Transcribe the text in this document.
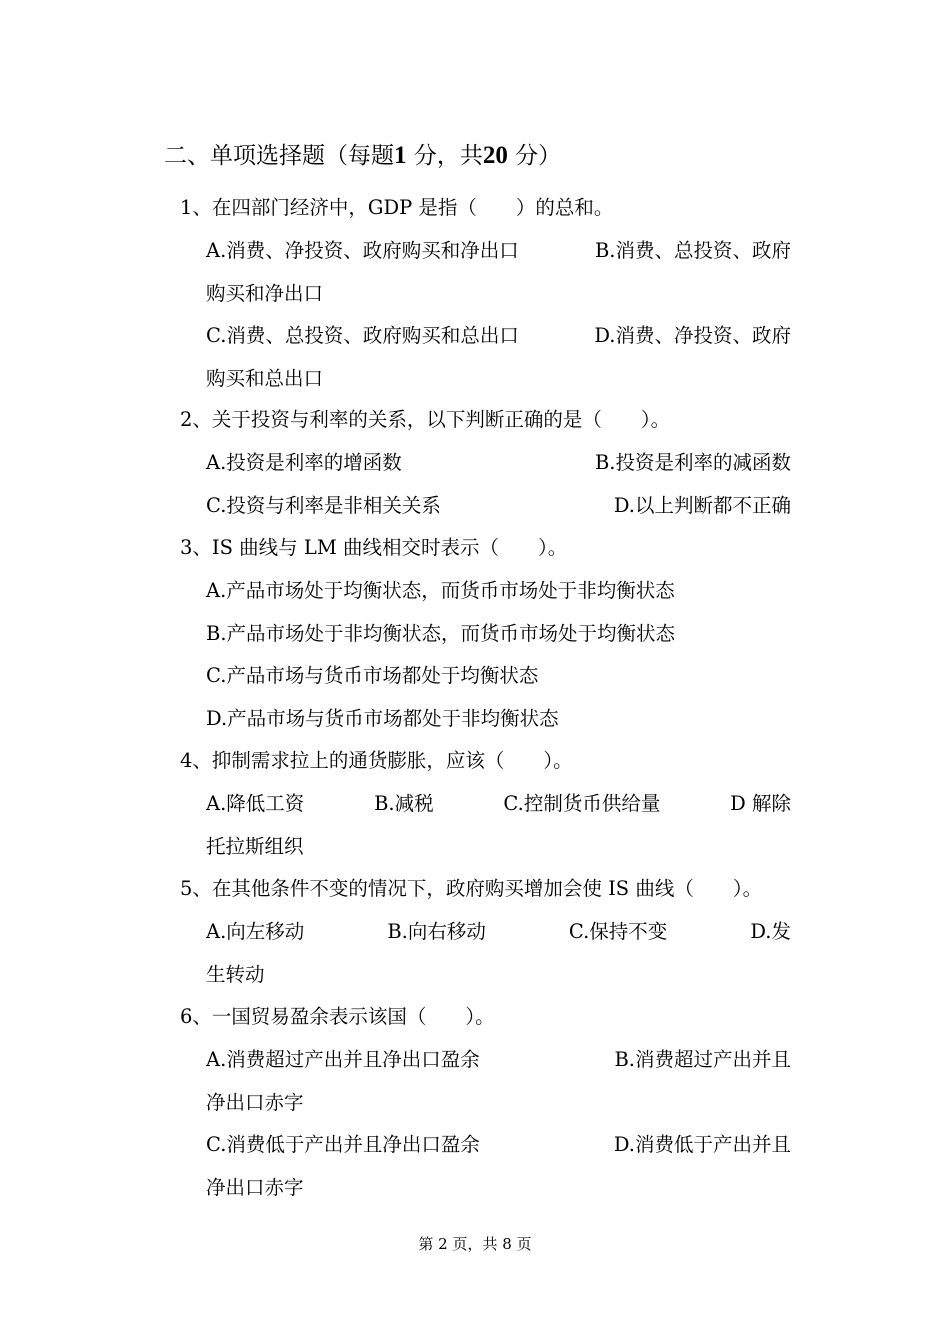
二、单项选择题（每题1 分，共20 分）
1、在四部门经济中，GDP 是指（　　）的总和。
A.消费、净投资、政府购买和净出口	B.消费、总投资、政府
购买和净出口
C.消费、总投资、政府购买和总出口	D.消费、净投资、政府
购买和总出口
2、关于投资与利率的关系，以下判断正确的是（　　）。
A.投资是利率的增函数	B.投资是利率的减函数
C.投资与利率是非相关关系	D.以上判断都不正确
3、IS 曲线与 LM 曲线相交时表示（　　）。
A.产品市场处于均衡状态，而货币市场处于非均衡状态
B.产品市场处于非均衡状态，而货币市场处于均衡状态
C.产品市场与货币市场都处于均衡状态
D.产品市场与货币市场都处于非均衡状态
4、抑制需求拉上的通货膨胀，应该（　　）。
A.降低工资	B.减税	C.控制货币供给量	D 解除
托拉斯组织
5、在其他条件不变的情况下，政府购买增加会使 IS 曲线（　　）。
A.向左移动	B.向右移动	C.保持不变	D.发
生转动
6、一国贸易盈余表示该国（　　）。
A.消费超过产出并且净出口盈余	B.消费超过产出并且
净出口赤字
C.消费低于产出并且净出口盈余	D.消费低于产出并且
净出口赤字
第 2 页，共 8 页
